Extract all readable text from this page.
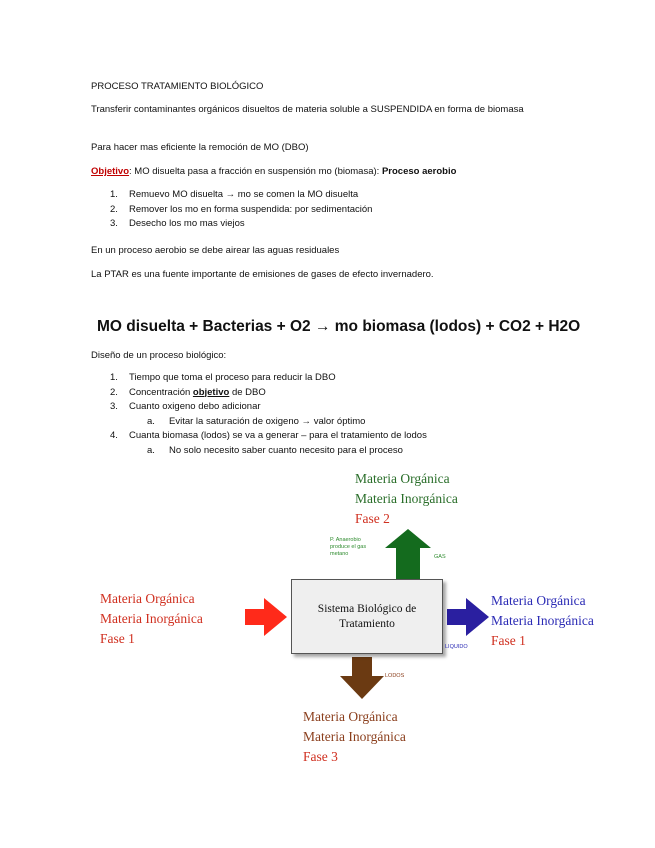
PROCESO TRATAMIENTO BIOLÓGICO
Transferir contaminantes orgánicos disueltos de materia soluble a SUSPENDIDA en forma de biomasa
Para hacer mas eficiente la remoción de MO (DBO)
Objetivo: MO disuelta pasa a fracción en suspensión mo (biomasa): Proceso aerobio
1. Remuevo MO disuelta → mo se comen la MO disuelta
2. Remover los mo en forma suspendida: por sedimentación
3. Desecho los mo mas viejos
En un proceso aerobio se debe airear las aguas residuales
La PTAR es una fuente importante de emisiones de gases de efecto invernadero.
MO disuelta + Bacterias + O2 → mo biomasa (lodos) + CO2 + H2O
Diseño de un proceso biológico:
1. Tiempo que toma el proceso para reducir la DBO
2. Concentración objetivo de DBO
3. Cuanto oxigeno debo adicionar
a. Evitar la saturación de oxigeno → valor óptimo
4. Cuanta biomasa (lodos) se va a generar – para el tratamiento de lodos
a. No solo necesito saber cuanto necesito para el proceso
Materia Orgánica
Materia Inorgánica
Fase 2
P. Anaerobio
produce el gas
metano	GAS
Materia Orgánica
Materia Inorgánica
Fase 1
Sistema Biológico de Tratamiento
Materia Orgánica
Materia Inorgánica
Fase 1
LIQUIDO
LODOS
Materia Orgánica
Materia Inorgánica
Fase 3
